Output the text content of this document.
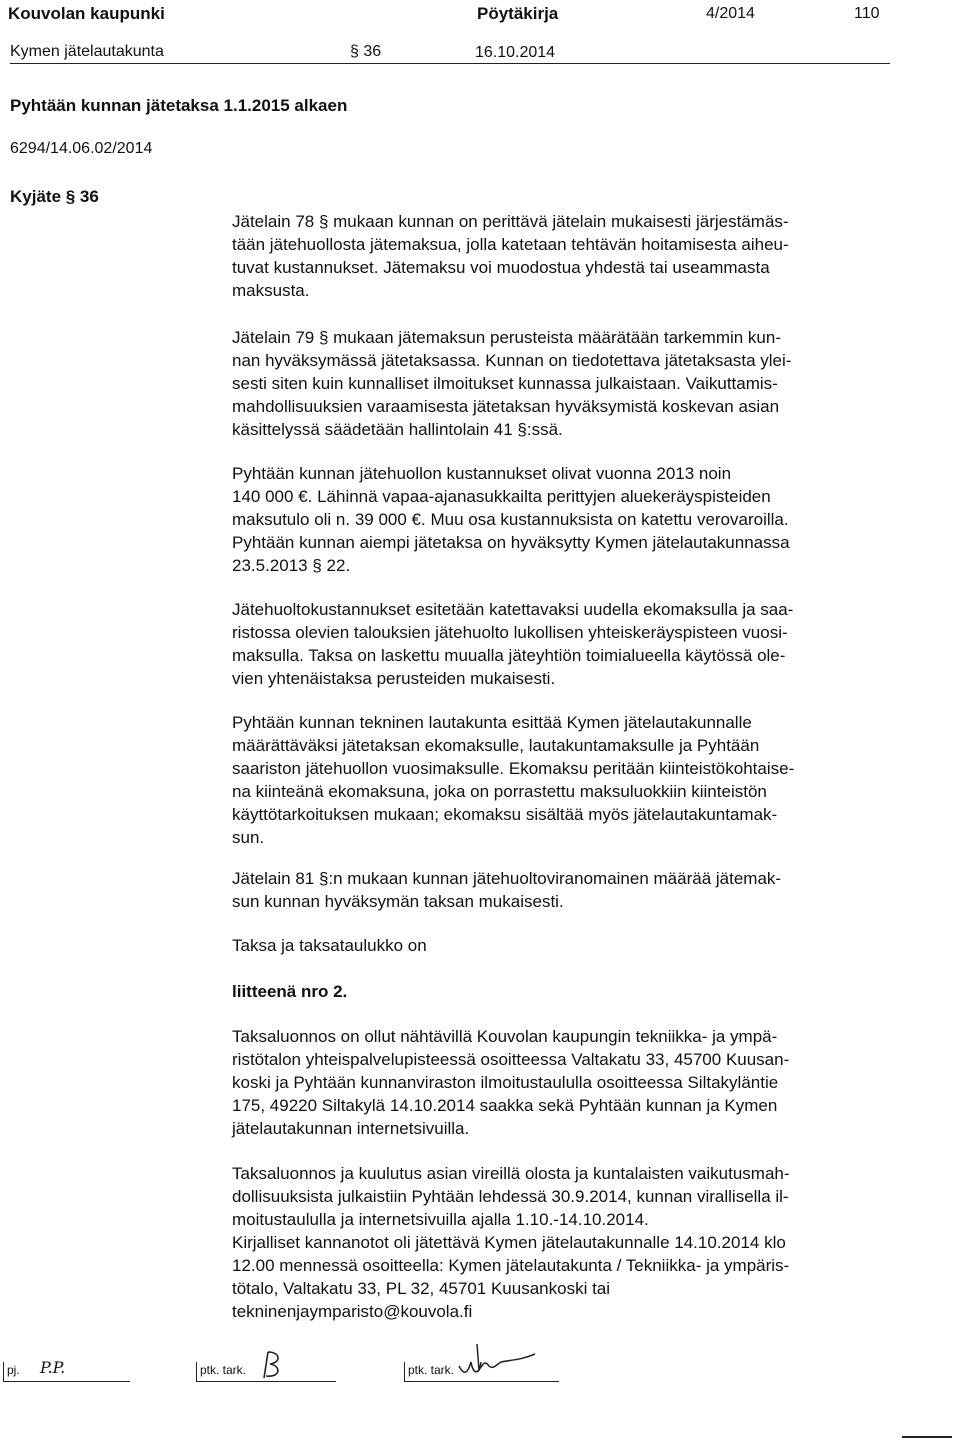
Kouvolan kaupunki	Pöytäkirja	4/2014	110
Kymen jätelautakunta	§ 36	16.10.2014
Pyhtään kunnan jätetaksa 1.1.2015 alkaen
6294/14.06.02/2014
Kyjäte § 36

Jätelain 78 § mukaan kunnan on perittävä jätelain mukaisesti järjestämäs-
tään jätehuollosta jätemaksua, jolla katetaan tehtävän hoitamisesta aiheu-
tuvat kustannukset. Jätemaksu voi muodostua yhdestä tai useammasta
maksusta.

Jätelain 79 § mukaan jätemaksun perusteista määrätään tarkemmin kun-
nan hyväksymässä jätetaksassa. Kunnan on tiedotettava jätetaksasta ylei-
sesti siten kuin kunnalliset ilmoitukset kunnassa julkaistaan. Vaikuttamis-
mahdollisuuksien varaamisesta jätetaksan hyväksymistä koskevan asian
käsittelyssä säädetään hallintolain 41 §:ssä.

Pyhtään kunnan jätehuollon kustannukset olivat vuonna 2013 noin
140 000 €. Lähinnä vapaa-ajanasukkailta perittyjen aluekeräyspisteiden
maksutulo oli n. 39 000 €. Muu osa kustannuksista on katettu verovaroilla.
Pyhtään kunnan aiempi jätetaksa on hyväksytty Kymen jätelautakunnassa
23.5.2013 § 22.

Jätehuoltokustannukset esitetään katettavaksi uudella ekomaksulla ja saa-
ristossa olevien talouksien jätehuolto lukollisen yhteiskeräyspisteen vuosi-
maksulla. Taksa on laskettu muualla jäteyhtiön toimialueella käytössä ole-
vien yhtenäistaksa perusteiden mukaisesti.

Pyhtään kunnan tekninen lautakunta esittää Kymen jätelautakunnalle
määrättäväksi jätetaksan ekomaksulle, lautakuntamaksulle ja Pyhtään
saariston jätehuollon vuosimaksulle. Ekomaksu peritään kiinteistökohtaise-
na kiinteänä ekomaksuna, joka on porrastettu maksuluokkiin kiinteistön
käyttötarkoituksen mukaan; ekomaksu sisältää myös jätelautakuntamak-
sun.

Jätelain 81 §:n mukaan kunnan jätehuoltoviranomainen määrää jätemak-
sun kunnan hyväksymän taksan mukaisesti.

Taksa ja taksataulukko on

liitteenä nro 2.

Taksaluonnos on ollut nähtävillä Kouvolan kaupungin tekniikka- ja ympä-
ristötalon yhteispalvelupisteessä osoitteessa Valtakatu 33, 45700 Kuusan-
koski ja Pyhtään kunnanviraston ilmoitustaululla osoitteessa Siltakyläntie
175, 49220 Siltakylä 14.10.2014 saakka sekä Pyhtään kunnan ja Kymen
jätelautakunnan internetsivuilla.

Taksaluonnos ja kuulutus asian vireillä olosta ja kuntalaisten vaikutusmah-
dollisuuksista julkaistiin Pyhtään lehdessä 30.9.2014, kunnan virallisella il-
moitustaululla ja internetsivuilla ajalla 1.10.-14.10.2014.
Kirjalliset kannanotot oli jätettävä Kymen jätelautakunnalle 14.10.2014 klo
12.00 mennessä osoitteella: Kymen jätelautakunta / Tekniikka- ja ympäris-
tötalo, Valtakatu 33, PL 32, 45701 Kuusankoski tai
tekninenjaymparisto@kouvola.fi

pj. P.P.	ptk. tark.	ptk. tark.
